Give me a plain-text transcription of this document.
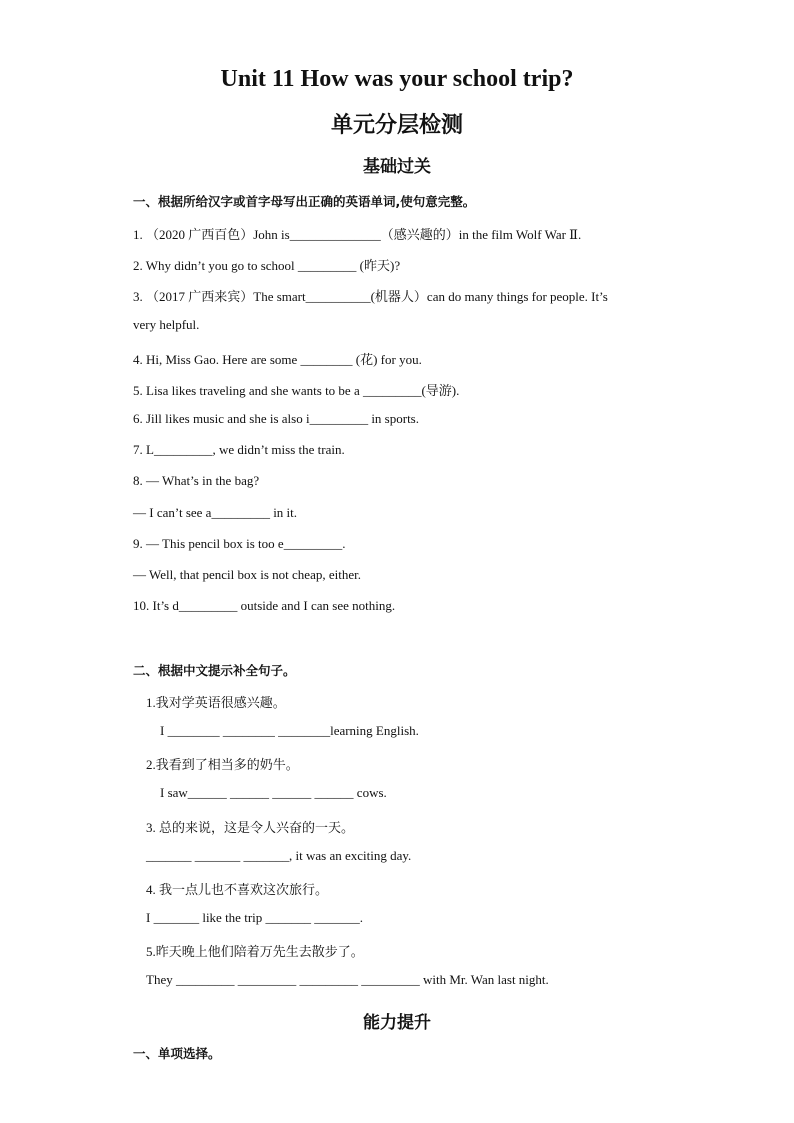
Unit 11 How was your school trip?
单元分层检测
基础过关

一、根据所给汉字或首字母写出正确的英语单词,使句意完整。

1. （2020 广西百色）John is______________（感兴趣的）in the film Wolf War Ⅱ.

2. Why didn’t you go to school _________ (昨天)?

3. （2017 广西来宾）The smart__________(机器人）can do many things for people. It’s

very helpful.

4. Hi, Miss Gao. Here are some ________ (花) for you.

5. Lisa likes traveling and she wants to be a _________(导游).

6. Jill likes music and she is also i_________ in sports.

7. L_________, we didn’t miss the train.

8. — What’s in the bag?

— I can’t see a_________ in it.

9. — This pencil box is too e_________.

— Well, that pencil box is not cheap, either.

10. It’s d_________ outside and I can see nothing.

二、根据中文提示补全句子。

1.我对学英语很感兴趣。

I ________ ________ ________learning English.

2.我看到了相当多的奶牛。

I saw______ ______ ______ ______ cows.

3. 总的来说，这是令人兴奋的一天。

_______ _______ _______, it was an exciting day.

4. 我一点儿也不喜欢这次旅行。

I _______ like the trip _______ _______.

5.昨天晚上他们陪着万先生去散步了。

They _________ _________ _________ _________ with Mr. Wan last night.

能力提升

一、单项选择。
